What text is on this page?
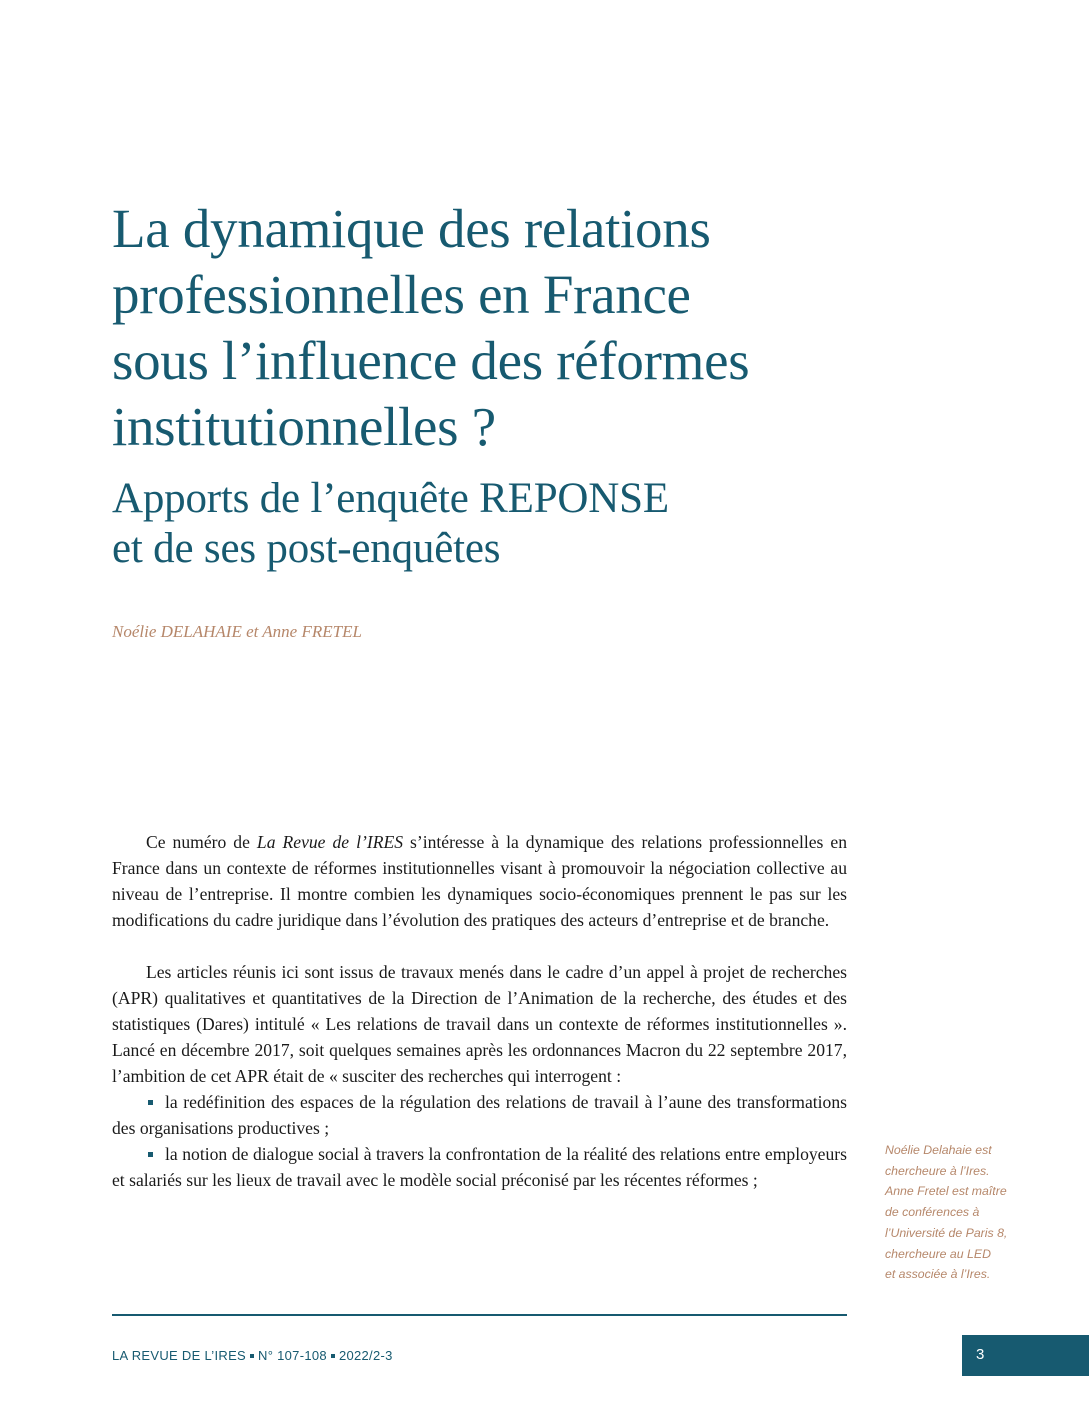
La dynamique des relations
professionnelles en France
sous l’influence des réformes
institutionnelles ?
Apports de l’enquête REPONSE
et de ses post-enquêtes
Noélie DELAHAIE et Anne FRETEL

Ce numéro de La Revue de l’IRES s’intéresse à la dynamique des relations professionnelles en France dans un contexte de réformes institutionnelles visant à promouvoir la négociation collective au niveau de l’entreprise. Il montre combien les dynamiques socio-économiques prennent le pas sur les modifications du cadre juridique dans l’évolution des pratiques des acteurs d’entreprise et de branche.

Les articles réunis ici sont issus de travaux menés dans le cadre d’un appel à projet de recherches (APR) qualitatives et quantitatives de la Direction de l’Animation de la recherche, des études et des statistiques (Dares) intitulé « Les relations de travail dans un contexte de réformes institutionnelles ». Lancé en décembre 2017, soit quelques semaines après les ordonnances Macron du 22 septembre 2017, l’ambition de cet APR était de « susciter des recherches qui interrogent :

la redéfinition des espaces de la régulation des relations de travail à l’aune des transformations des organisations productives ;

la notion de dialogue social à travers la confrontation de la réalité des relations entre employeurs et salariés sur les lieux de travail avec le modèle social préconisé par les récentes réformes ;

Noélie Delahaie est
chercheure à l’Ires.
Anne Fretel est maître
de conférences à
l’Université de Paris 8,
chercheure au LED
et associée à l’Ires.
LA REVUE DE L’IRES N° 107-108 2022/2-3	3
